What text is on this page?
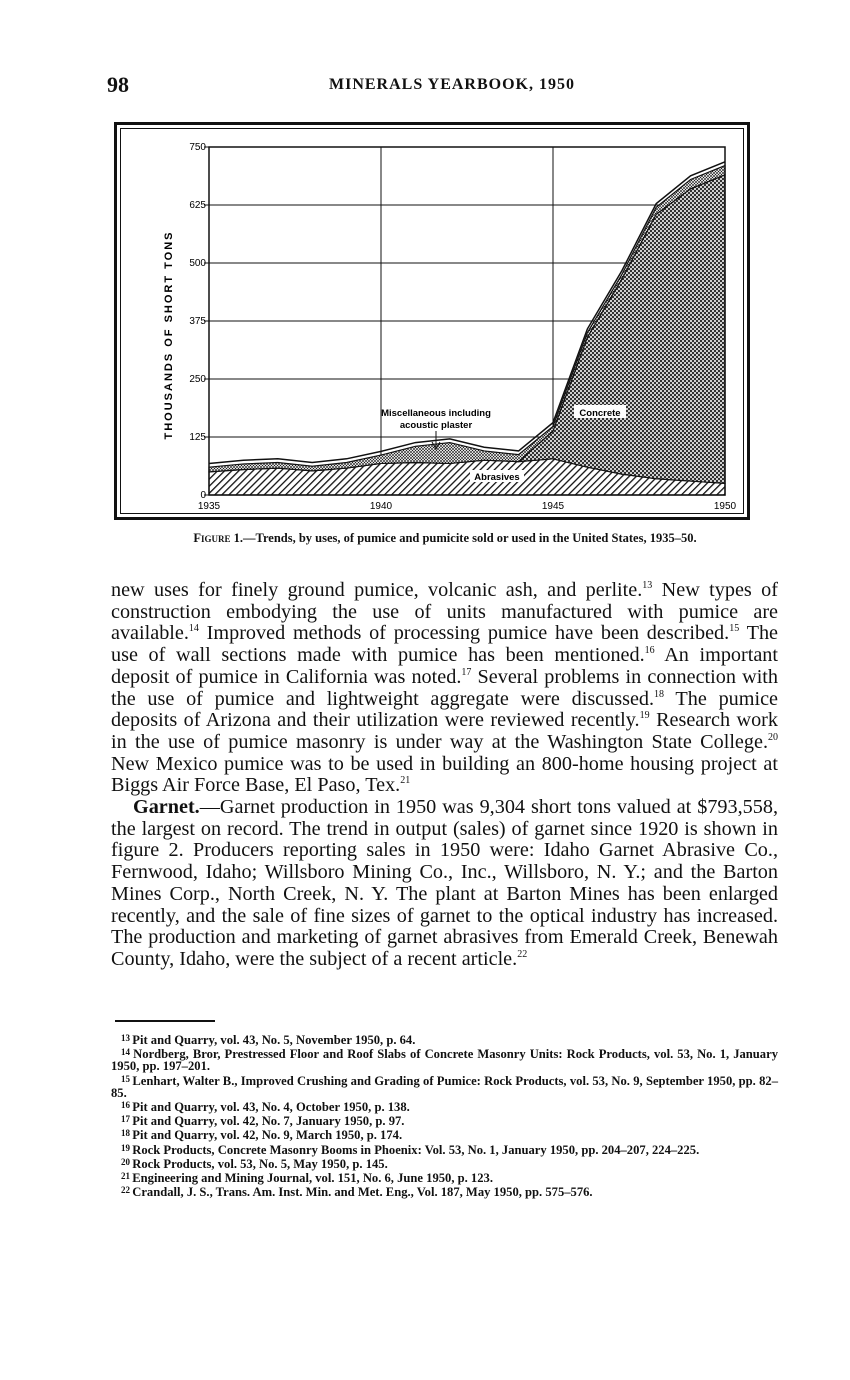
98	MINERALS YEARBOOK, 1950
0
125
250
375
500
625
750
1935	1940	1945	1950
THOUSANDS OF SHORT TONS	Miscellaneous including
acoustic plaster
Concrete
Abrasives
Figure 1.—Trends, by uses, of pumice and pumicite sold or used in the United States, 1935–50.

new uses for finely ground pumice, volcanic ash, and perlite.$^{13}$ New types of construction embodying the use of units manufactured with pumice are available.$^{14}$ Improved methods of processing pumice have been described.$^{15}$ The use of wall sections made with pumice has been mentioned.$^{16}$ An important deposit of pumice in California was noted.$^{17}$ Several problems in connection with the use of pumice and lightweight aggregate were discussed.$^{18}$ The pumice deposits of Arizona and their utilization were reviewed recently.$^{19}$ Research work in the use of pumice masonry is under way at the Washington State College.$^{20}$ New Mexico pumice was to be used in building an 800-home housing project at Biggs Air Force Base, El Paso, Tex.$^{21}$

Garnet.—Garnet production in 1950 was 9,304 short tons valued at $793,558, the largest on record. The trend in output (sales) of garnet since 1920 is shown in figure 2. Producers reporting sales in 1950 were: Idaho Garnet Abrasive Co., Fernwood, Idaho; Willsboro Mining Co., Inc., Willsboro, N. Y.; and the Barton Mines Corp., North Creek, N. Y. The plant at Barton Mines has been enlarged recently, and the sale of fine sizes of garnet to the optical industry has increased. The production and marketing of garnet abrasives from Emerald Creek, Benewah County, Idaho, were the subject of a recent article.$^{22}$

$^{13}$ Pit and Quarry, vol. 43, No. 5, November 1950, p. 64.
$^{14}$ Nordberg, Bror, Prestressed Floor and Roof Slabs of Concrete Masonry Units: Rock Products, vol. 53, No. 1, January 1950, pp. 197–201.
$^{15}$ Lenhart, Walter B., Improved Crushing and Grading of Pumice: Rock Products, vol. 53, No. 9, September 1950, pp. 82–85.
$^{16}$ Pit and Quarry, vol. 43, No. 4, October 1950, p. 138.
$^{17}$ Pit and Quarry, vol. 42, No. 7, January 1950, p. 97.
$^{18}$ Pit and Quarry, vol. 42, No. 9, March 1950, p. 174.
$^{19}$ Rock Products, Concrete Masonry Booms in Phoenix: Vol. 53, No. 1, January 1950, pp. 204–207, 224–225.
$^{20}$ Rock Products, vol. 53, No. 5, May 1950, p. 145.
$^{21}$ Engineering and Mining Journal, vol. 151, No. 6, June 1950, p. 123.
$^{22}$ Crandall, J. S., Trans. Am. Inst. Min. and Met. Eng., Vol. 187, May 1950, pp. 575–576.
